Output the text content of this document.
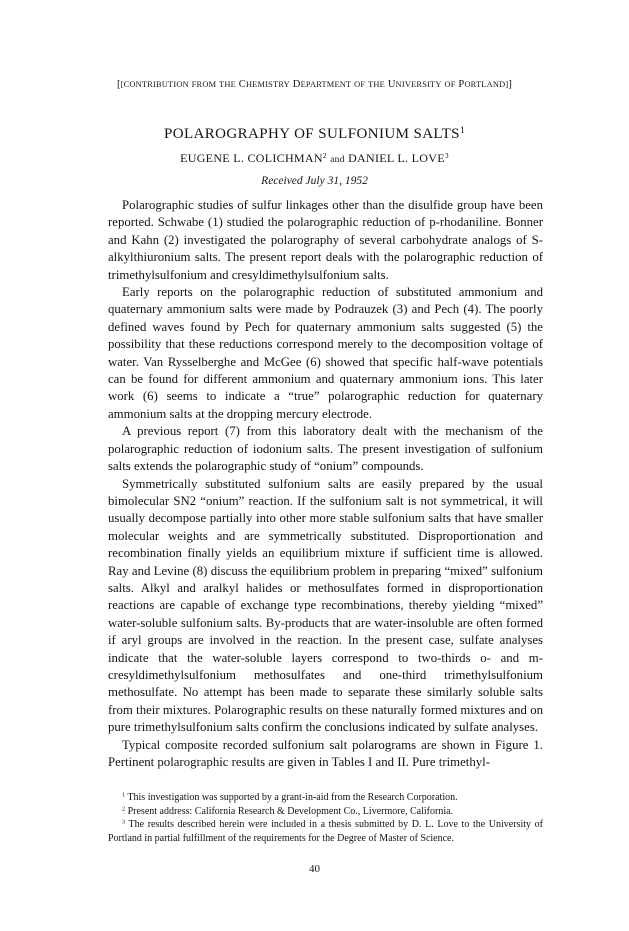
[[CONTRIBUTION FROM THE CHEMISTRY DEPARTMENT OF THE UNIVERSITY OF PORTLAND]]
POLAROGRAPHY OF SULFONIUM SALTS$^1$
EUGENE L. COLICHMAN$^2$ and DANIEL L. LOVE$^3$
Received July 31, 1952

Polarographic studies of sulfur linkages other than the disulfide group have been reported. Schwabe (1) studied the polarographic reduction of p-rhodaniline. Bonner and Kahn (2) investigated the polarography of several carbohydrate analogs of S-alkylthiuronium salts. The present report deals with the polarographic reduction of trimethylsulfonium and cresyldimethylsulfonium salts.

Early reports on the polarographic reduction of substituted ammonium and quaternary ammonium salts were made by Podrauzek (3) and Pech (4). The poorly defined waves found by Pech for quaternary ammonium salts suggested (5) the possibility that these reductions correspond merely to the decomposition voltage of water. Van Rysselberghe and McGee (6) showed that specific half-wave potentials can be found for different ammonium and quaternary ammonium ions. This later work (6) seems to indicate a “true” polarographic reduction for quaternary ammonium salts at the dropping mercury electrode.

A previous report (7) from this laboratory dealt with the mechanism of the polarographic reduction of iodonium salts. The present investigation of sulfonium salts extends the polarographic study of “onium” compounds.

Symmetrically substituted sulfonium salts are easily prepared by the usual bimolecular SN2 “onium” reaction. If the sulfonium salt is not symmetrical, it will usually decompose partially into other more stable sulfonium salts that have smaller molecular weights and are symmetrically substituted. Disproportionation and recombination finally yields an equilibrium mixture if sufficient time is allowed. Ray and Levine (8) discuss the equilibrium problem in preparing “mixed” sulfonium salts. Alkyl and aralkyl halides or methosulfates formed in disproportionation reactions are capable of exchange type recombinations, thereby yielding “mixed” water-soluble sulfonium salts. By-products that are water-insoluble are often formed if aryl groups are involved in the reaction. In the present case, sulfate analyses indicate that the water-soluble layers correspond to two-thirds o- and m-cresyldimethylsulfonium methosulfates and one-third trimethylsulfonium methosulfate. No attempt has been made to separate these similarly soluble salts from their mixtures. Polarographic results on these naturally formed mixtures and on pure trimethylsulfonium salts confirm the conclusions indicated by sulfate analyses.

Typical composite recorded sulfonium salt polarograms are shown in Figure 1. Pertinent polarographic results are given in Tables I and II. Pure trimethyl-

$^1$ This investigation was supported by a grant-in-aid from the Research Corporation.

$^2$ Present address: California Research & Development Co., Livermore, California.

$^3$ The results described herein were included in a thesis submitted by D. L. Love to the University of Portland in partial fulfillment of the requirements for the Degree of Master of Science.

40
